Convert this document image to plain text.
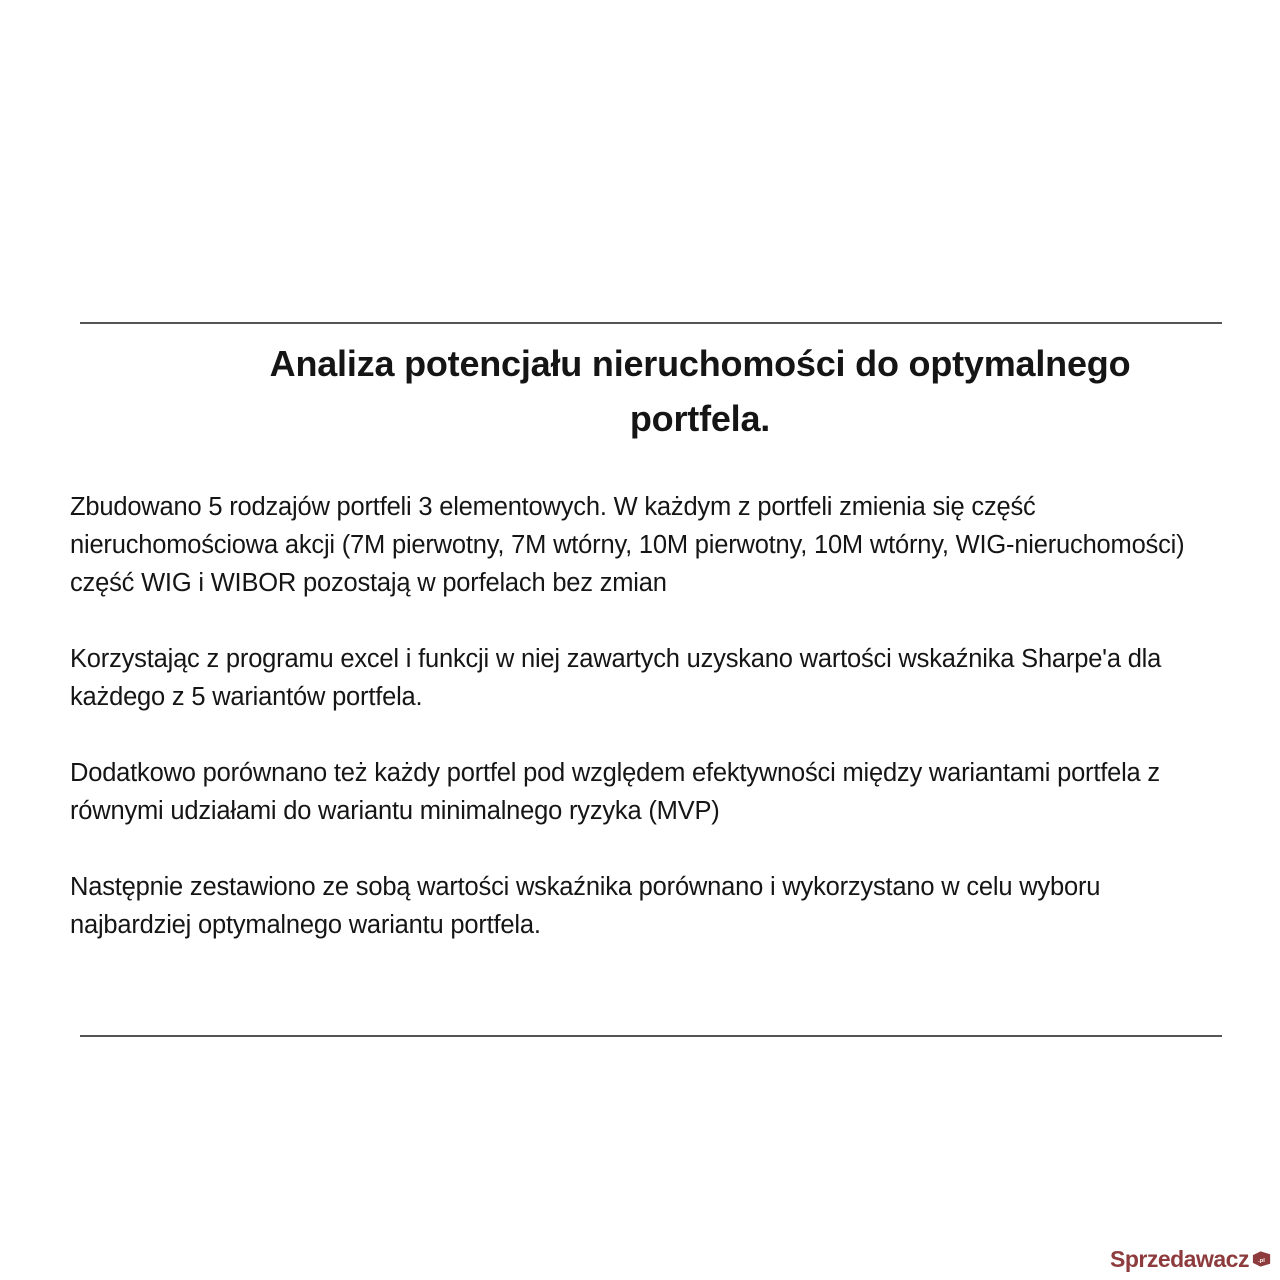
Analiza potencjału nieruchomości do optymalnego
portfela.

Zbudowano 5 rodzajów portfeli 3 elementowych. W każdym z portfeli zmienia się część nieruchomościowa akcji (7M pierwotny, 7M wtórny, 10M pierwotny, 10M wtórny, WIG-nieruchomości) część WIG i WIBOR pozostają w porfelach bez zmian

Korzystając z programu excel i funkcji w niej zawartych uzyskano wartości wskaźnika Sharpe'a dla każdego z 5 wariantów portfela.

Dodatkowo porównano też każdy portfel pod względem efektywności między wariantami portfela z równymi udziałami do wariantu minimalnego ryzyka (MVP)

Następnie zestawiono ze sobą wartości wskaźnika porównano i wykorzystano w celu wyboru najbardziej optymalnego wariantu portfela.

Sprzedawacz .pl
